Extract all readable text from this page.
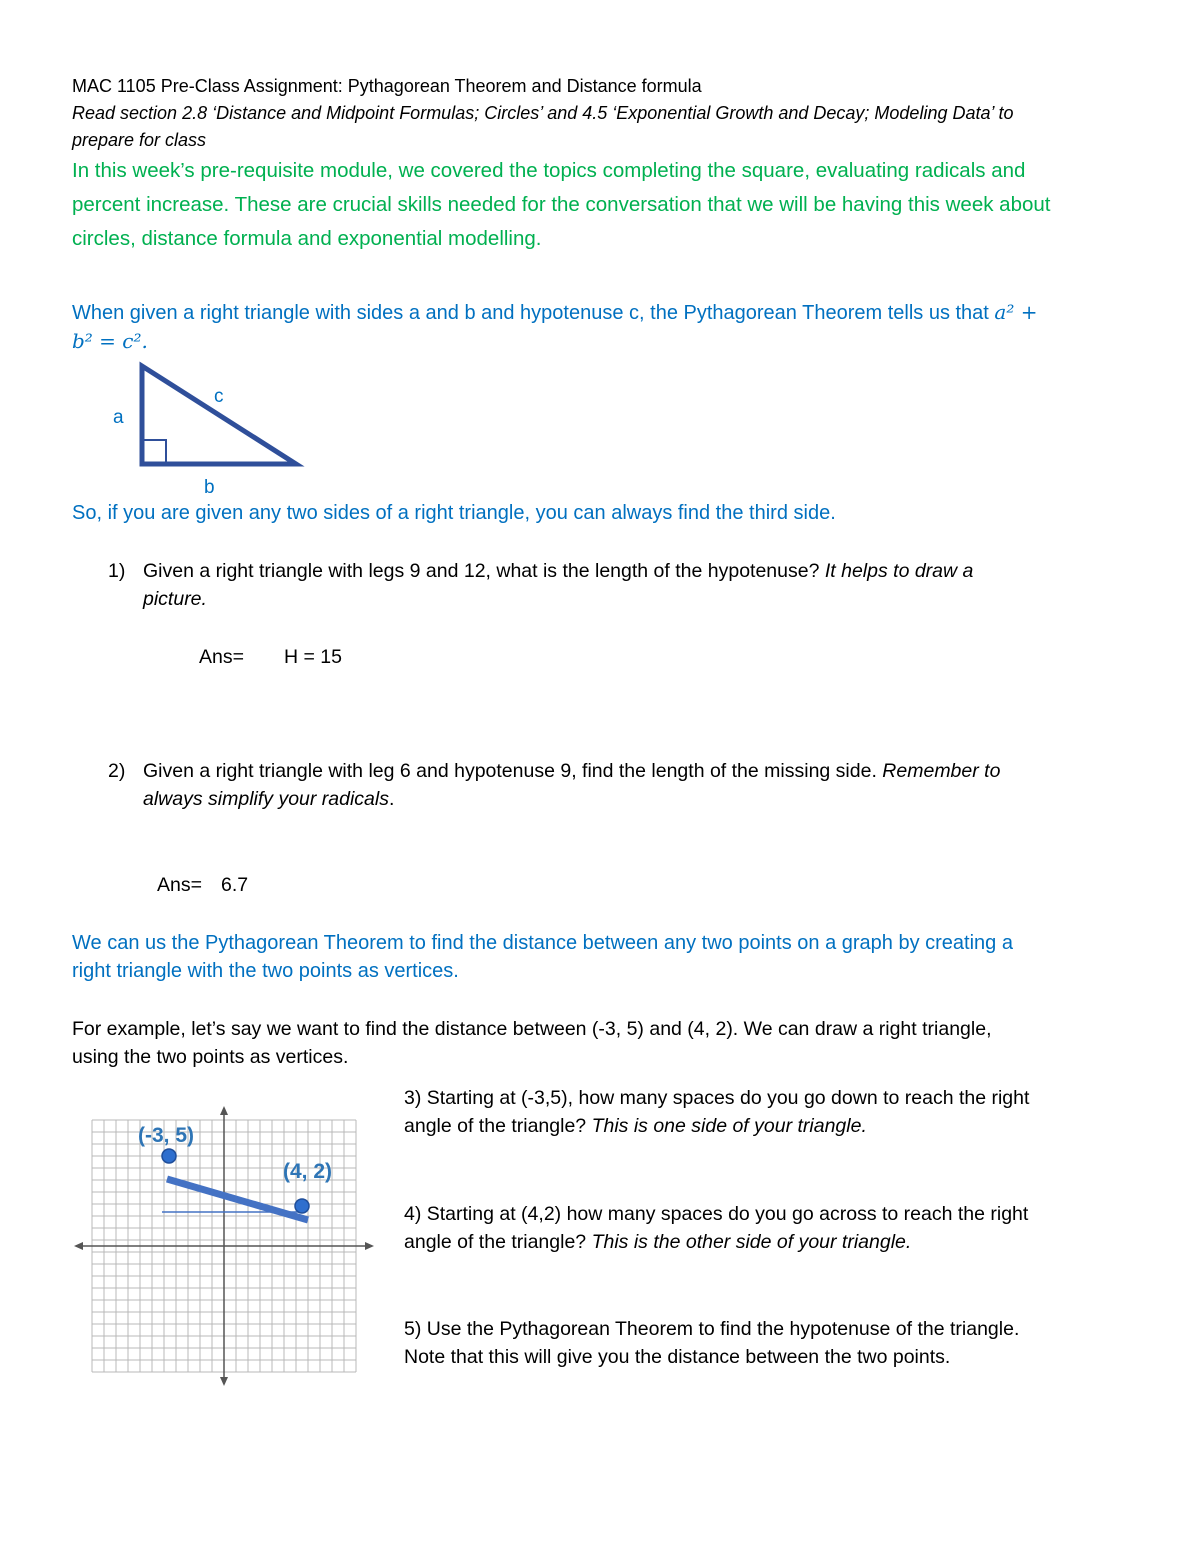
MAC 1105 Pre-Class Assignment: Pythagorean Theorem and Distance formula
Read section 2.8 ‘Distance and Midpoint Formulas; Circles’ and 4.5 ‘Exponential Growth and Decay; Modeling Data’ to
prepare for class
In this week’s pre-requisite module, we covered the topics completing the square, evaluating radicals and
percent increase. These are crucial skills needed for the conversation that we will be having this week about
circles, distance formula and exponential modelling.
When given a right triangle with sides a and b and hypotenuse c, the Pythagorean Theorem tells us that a² +
b² = c².
a
c
b
So, if you are given any two sides of a right triangle, you can always find the third side.
1) Given a right triangle with legs 9 and 12, what is the length of the hypotenuse? It helps to draw a
picture.
Ans= H = 15
2) Given a right triangle with leg 6 and hypotenuse 9, find the length of the missing side. Remember to
always simplify your radicals.
Ans= 6.7
We can us the Pythagorean Theorem to find the distance between any two points on a graph by creating a
right triangle with the two points as vertices.
For example, let’s say we want to find the distance between (-3, 5) and (4, 2). We can draw a right triangle,
using the two points as vertices.
(-3, 5)
(4, 2)
3) Starting at (-3,5), how many spaces do you go down to reach the right
angle of the triangle? This is one side of your triangle.
4) Starting at (4,2) how many spaces do you go across to reach the right
angle of the triangle? This is the other side of your triangle.
5) Use the Pythagorean Theorem to find the hypotenuse of the triangle.
Note that this will give you the distance between the two points.
